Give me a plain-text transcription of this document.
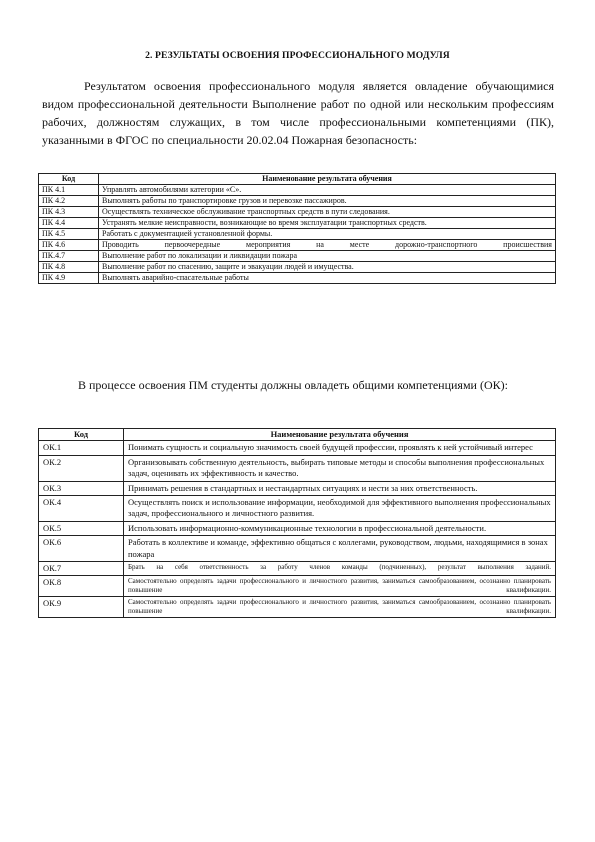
2. РЕЗУЛЬТАТЫ ОСВОЕНИЯ ПРОФЕССИОНАЛЬНОГО МОДУЛЯ

Результатом освоения профессионального модуля является овладение обучающимися видом профессиональной деятельности Выполнение работ по одной или нескольким профессиям рабочих, должностям служащих, в том числе профессиональными компетенциями (ПК), указанными в ФГОС по специальности 20.02.04 Пожарная безопасность:

Код	Наименование результата обучения
ПК 4.1	Управлять автомобилями категории «С».
ПК 4.2	Выполнять работы по транспортировке грузов и перевозке пассажиров.
ПК 4.3	Осуществлять техническое обслуживание транспортных средств в пути следования.
ПК 4.4	Устранять мелкие неисправности, возникающие во время эксплуатации транспортных средств.
ПК 4.5	Работать с документацией установленной формы.
ПК 4.6	Проводить первоочередные мероприятия на месте дорожно-транспортного происшествия
ПК.4.7	Выполнение работ по локализации и ликвидации пожара
ПК 4.8	Выполнение работ по спасению, защите и эвакуации людей и имущества.
ПК 4.9	Выполнять аварийно-спасательные работы

В процессе освоения ПМ студенты должны овладеть общими компетенциями (ОК):

Код	Наименование результата обучения
ОК.1	Понимать сущность и социальную значимость своей будущей профессии, проявлять к ней устойчивый интерес
ОК.2	Организовывать собственную деятельность, выбирать типовые методы и способы выполнения профессиональных задач, оценивать их эффективность и качество.
ОК.3	Принимать решения в стандартных и нестандартных ситуациях и нести за них ответственность.
ОК.4	Осуществлять поиск и использование информации, необходимой для эффективного выполнения профессиональных задач, профессионального и личностного развития.
ОК.5	Использовать информационно-коммуникационные технологии в профессиональной деятельности.
ОК.6	Работать в коллективе и команде, эффективно общаться с коллегами, руководством, людьми, находящимися в зонах пожара
ОК.7	Брать на себя ответственность за работу членов команды (подчиненных), результат выполнения заданий.
ОК.8	Самостоятельно определять задачи профессионального и личностного развития, заниматься самообразованием, осознанно планировать повышение квалификации.
ОК.9	Самостоятельно определять задачи профессионального и личностного развития, заниматься самообразованием, осознанно планировать повышение квалификации.
